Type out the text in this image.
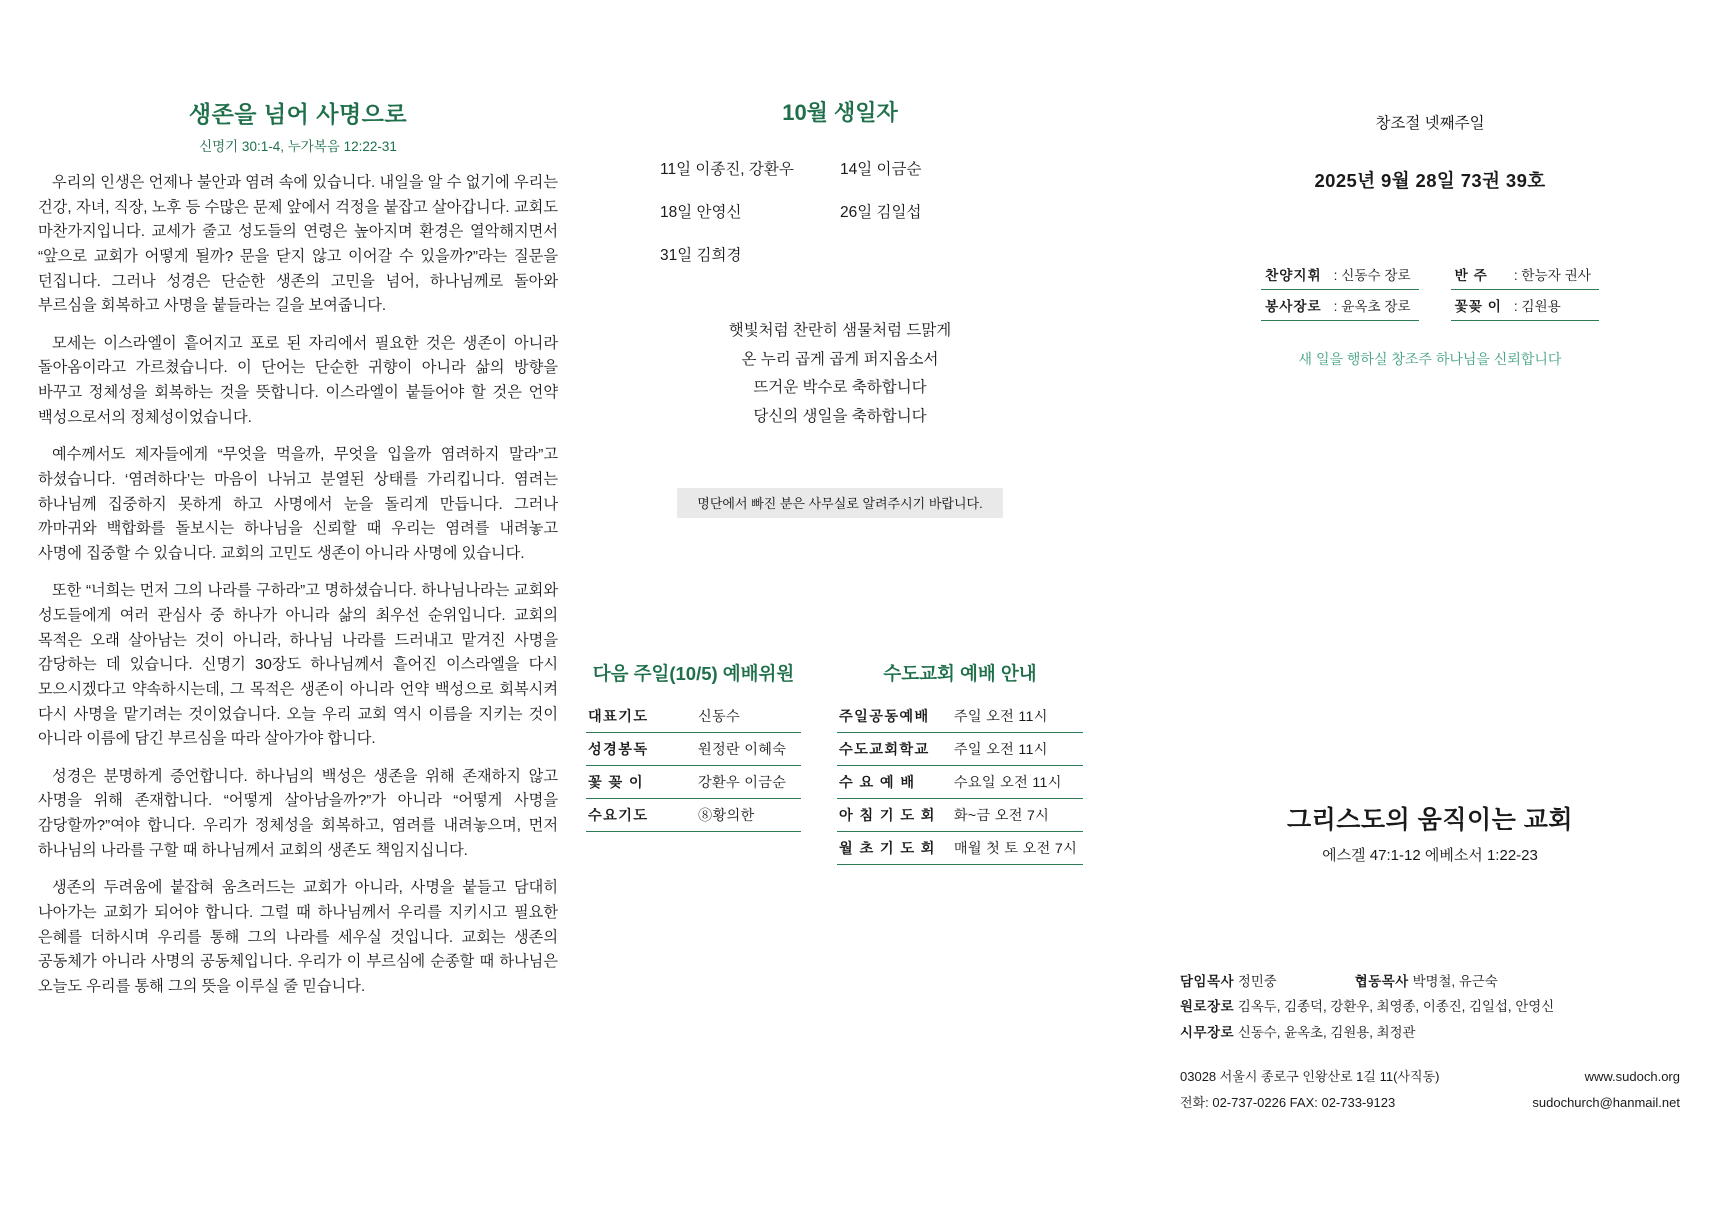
생존을 넘어 사명으로
신명기 30:1-4, 누가복음 12:22-31

우리의 인생은 언제나 불안과 염려 속에 있습니다. 내일을 알 수 없기에 우리는 건강, 자녀, 직장, 노후 등 수많은 문제 앞에서 걱정을 붙잡고 살아갑니다. 교회도 마찬가지입니다. 교세가 줄고 성도들의 연령은 높아지며 환경은 열악해지면서 “앞으로 교회가 어떻게 될까? 문을 닫지 않고 이어갈 수 있을까?”라는 질문을 던집니다. 그러나 성경은 단순한 생존의 고민을 넘어, 하나님께로 돌아와 부르심을 회복하고 사명을 붙들라는 길을 보여줍니다.

모세는 이스라엘이 흩어지고 포로 된 자리에서 필요한 것은 생존이 아니라 돌아옴이라고 가르쳤습니다. 이 단어는 단순한 귀향이 아니라 삶의 방향을 바꾸고 정체성을 회복하는 것을 뜻합니다. 이스라엘이 붙들어야 할 것은 언약 백성으로서의 정체성이었습니다.

예수께서도 제자들에게 “무엇을 먹을까, 무엇을 입을까 염려하지 말라”고 하셨습니다. ‘염려하다’는 마음이 나뉘고 분열된 상태를 가리킵니다. 염려는 하나님께 집중하지 못하게 하고 사명에서 눈을 돌리게 만듭니다. 그러나 까마귀와 백합화를 돌보시는 하나님을 신뢰할 때 우리는 염려를 내려놓고 사명에 집중할 수 있습니다. 교회의 고민도 생존이 아니라 사명에 있습니다.

또한 “너희는 먼저 그의 나라를 구하라”고 명하셨습니다. 하나님나라는 교회와 성도들에게 여러 관심사 중 하나가 아니라 삶의 최우선 순위입니다. 교회의 목적은 오래 살아남는 것이 아니라, 하나님 나라를 드러내고 맡겨진 사명을 감당하는 데 있습니다. 신명기 30장도 하나님께서 흩어진 이스라엘을 다시 모으시겠다고 약속하시는데, 그 목적은 생존이 아니라 언약 백성으로 회복시켜 다시 사명을 맡기려는 것이었습니다. 오늘 우리 교회 역시 이름을 지키는 것이 아니라 이름에 담긴 부르심을 따라 살아가야 합니다.

성경은 분명하게 증언합니다. 하나님의 백성은 생존을 위해 존재하지 않고 사명을 위해 존재합니다. “어떻게 살아남을까?”가 아니라 “어떻게 사명을 감당할까?”여야 합니다. 우리가 정체성을 회복하고, 염려를 내려놓으며, 먼저 하나님의 나라를 구할 때 하나님께서 교회의 생존도 책임지십니다.

생존의 두려움에 붙잡혀 움츠러드는 교회가 아니라, 사명을 붙들고 담대히 나아가는 교회가 되어야 합니다. 그럴 때 하나님께서 우리를 지키시고 필요한 은혜를 더하시며 우리를 통해 그의 나라를 세우실 것입니다. 교회는 생존의 공동체가 아니라 사명의 공동체입니다. 우리가 이 부르심에 순종할 때 하나님은 오늘도 우리를 통해 그의 뜻을 이루실 줄 믿습니다.

10월 생일자
11일 이종진, 강환우	14일 이금순
18일 안영신	26일 김일섭
31일 김희경
햇빛처럼 찬란히 샘물처럼 드맑게
온 누리 곱게 곱게 퍼지옵소서
뜨거운 박수로 축하합니다
당신의 생일을 축하합니다
명단에서 빠진 분은 사무실로 알려주시기 바랍니다.
다음 주일(10/5) 예배위원
대표기도	신동수
성경봉독	원정란 이혜숙
꽃 꽂 이	강환우 이금순
수요기도	⑧황의한
수도교회 예배 안내
주일공동예배	주일 오전 11시
수도교회학교	주일 오전 11시
수 요 예 배	수요일 오전 11시
아 침 기 도 회	화~금 오전 7시
월 초 기 도 회	매월 첫 토 오전 7시
창조절 넷째주일
2025년 9월 28일 73권 39호
찬양지휘	: 신동수 장로		반 주	: 한능자 권사
봉사장로	: 윤옥초 장로		꽃꽂 이	: 김원용
새 일을 행하실 창조주 하나님을 신뢰합니다
그리스도의 움직이는 교회
에스겔 47:1-12 에베소서 1:22-23
담임목사 정민중	협동목사 박명철, 유근숙
원로장로 김옥두, 김종덕, 강환우, 최영종, 이종진, 김일섭, 안영신
시무장로 신동수, 윤옥초, 김원용, 최정관
03028 서울시 종로구 인왕산로 1길 11(사직동)
전화: 02-737-0226 FAX: 02-733-9123
www.sudoch.org
sudochurch@hanmail.net
